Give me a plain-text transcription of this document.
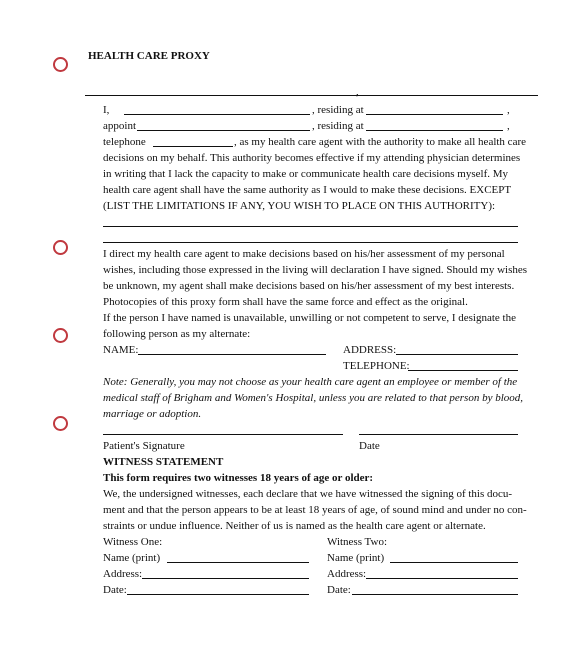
HEALTH CARE PROXY
,
I,	, residing at	,
appoint	, residing at	,
telephone	, as my health care agent with the authority to make all health care
decisions on my behalf. This authority becomes effective if my attending physician determines
in writing that I lack the capacity to make or communicate health care decisions myself. My
health care agent shall have the same authority as I would to make these decisions. EXCEPT
(LIST THE LIMITATIONS IF ANY, YOU WISH TO PLACE ON THIS AUTHORITY):
I direct my health care agent to make decisions based on his/her assessment of my personal
wishes, including those expressed in the living will declaration I have signed. Should my wishes
be unknown, my agent shall make decisions based on his/her assessment of my best interests.
Photocopies of this proxy form shall have the same force and effect as the original.
If the person I have named is unavailable, unwilling or not competent to serve, I designate the
following person as my alternate:
NAME:	ADDRESS:
TELEPHONE:
Note: Generally, you may not choose as your health care agent an employee or member of the
medical staff of Brigham and Women's Hospital, unless you are related to that person by blood,
marriage or adoption.
Patient's Signature	Date
WITNESS STATEMENT
This form requires two witnesses 18 years of age or older:
We, the undersigned witnesses, each declare that we have witnessed the signing of this docu-
ment and that the person appears to be at least 18 years of age, of sound mind and under no con-
straints or undue influence. Neither of us is named as the health care agent or alternate.
Witness One:
Name (print)
Address:
Date:
Witness Two:
Name (print)
Address:
Date:
